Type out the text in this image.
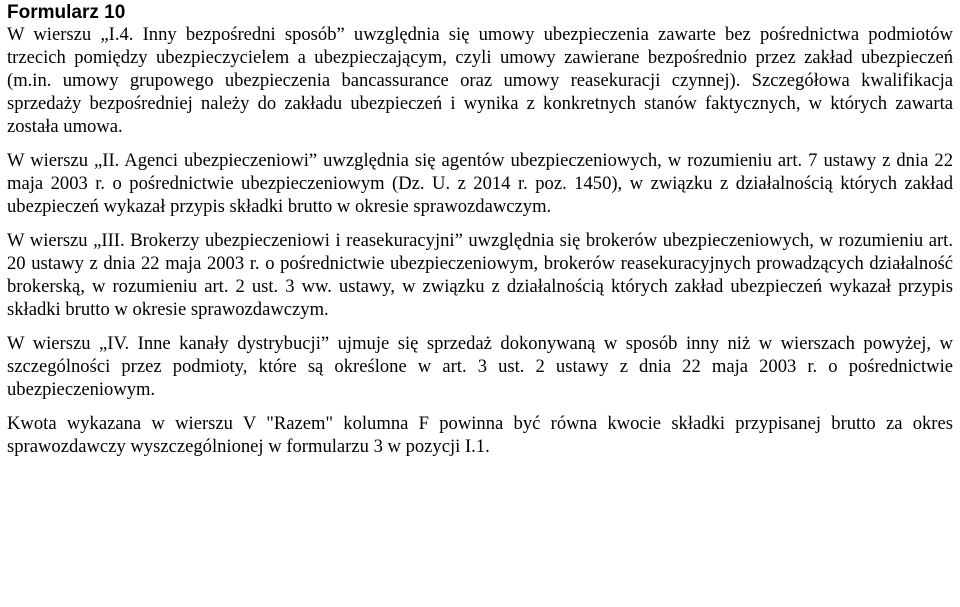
Formularz 10

W wierszu „I.4. Inny bezpośredni sposób” uwzględnia się umowy ubezpieczenia zawarte bez pośrednictwa podmiotów trzecich pomiędzy ubezpieczycielem a ubezpieczającym, czyli umowy zawierane bezpośrednio przez zakład ubezpieczeń (m.in. umowy grupowego ubezpieczenia bancassurance oraz umowy reasekuracji czynnej). Szczegółowa kwalifikacja sprzedaży bezpośredniej należy do zakładu ubezpieczeń i wynika z konkretnych stanów faktycznych, w których zawarta została umowa.

W wierszu „II. Agenci ubezpieczeniowi” uwzględnia się agentów ubezpieczeniowych, w rozumieniu art. 7 ustawy z dnia 22 maja 2003 r. o pośrednictwie ubezpieczeniowym (Dz. U. z 2014 r. poz. 1450), w związku z działalnością których zakład ubezpieczeń wykazał przypis składki brutto w okresie sprawozdawczym.

W wierszu „III. Brokerzy ubezpieczeniowi i reasekuracyjni” uwzględnia się brokerów ubezpieczeniowych, w rozumieniu art. 20 ustawy z dnia 22 maja 2003 r. o pośrednictwie ubezpieczeniowym, brokerów reasekuracyjnych prowadzących działalność brokerską, w rozumieniu art. 2 ust. 3 ww. ustawy, w związku z działalnością których zakład ubezpieczeń wykazał przypis składki brutto w okresie sprawozdawczym.

W wierszu „IV. Inne kanały dystrybucji” ujmuje się sprzedaż dokonywaną w sposób inny niż w wierszach powyżej, w szczególności przez podmioty, które są określone w art. 3 ust. 2 ustawy z dnia 22 maja 2003 r. o pośrednictwie ubezpieczeniowym.

Kwota wykazana w wierszu V "Razem" kolumna F powinna być równa kwocie składki przypisanej brutto za okres sprawozdawczy wyszczególnionej w formularzu 3 w pozycji I.1.
